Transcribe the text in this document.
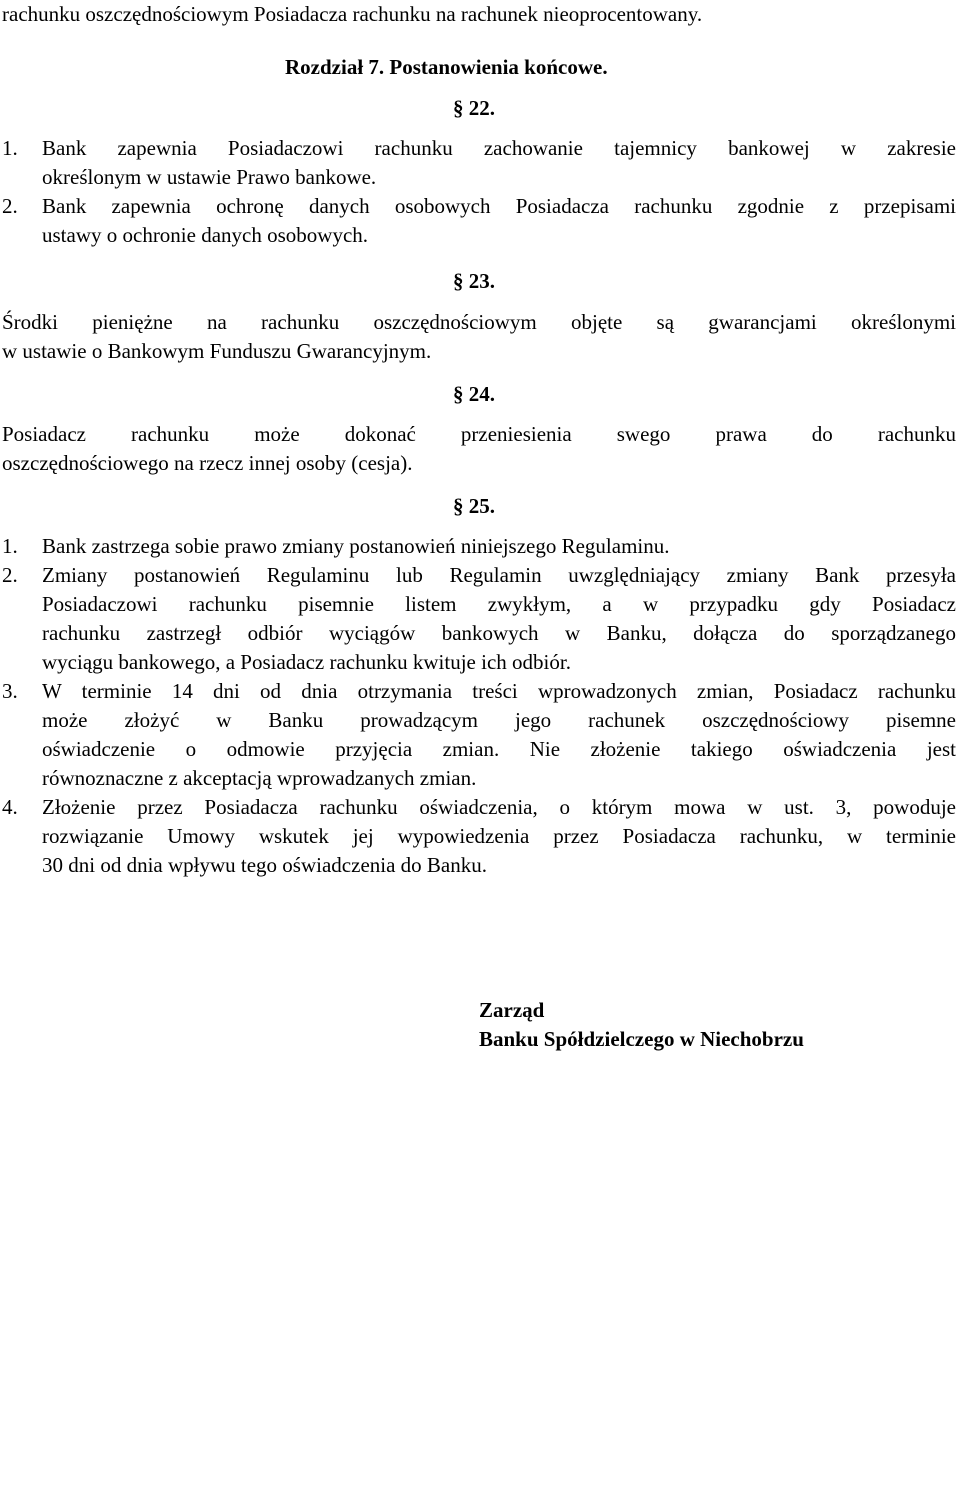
rachunku oszczędnościowym Posiadacza rachunku na rachunek nieoprocentowany.
Rozdział 7. Postanowienia końcowe.
§ 22.
1. Bank zapewnia Posiadaczowi rachunku zachowanie tajemnicy bankowej w zakresie
określonym w ustawie Prawo bankowe.
2. Bank zapewnia ochronę danych osobowych Posiadacza rachunku zgodnie z przepisami
ustawy o ochronie danych osobowych.
§ 23.
Środki pieniężne na rachunku oszczędnościowym objęte są gwarancjami określonymi
w ustawie o Bankowym Funduszu Gwarancyjnym.
§ 24.
Posiadacz rachunku może dokonać przeniesienia swego prawa do rachunku
oszczędnościowego na rzecz innej osoby (cesja).
§ 25.
1. Bank zastrzega sobie prawo zmiany postanowień niniejszego Regulaminu.
2. Zmiany postanowień Regulaminu lub Regulamin uwzględniający zmiany Bank przesyła
Posiadaczowi rachunku pisemnie listem zwykłym, a w przypadku gdy Posiadacz
rachunku zastrzegł odbiór wyciągów bankowych w Banku, dołącza do sporządzanego
wyciągu bankowego, a Posiadacz rachunku kwituje ich odbiór.
3. W terminie 14 dni od dnia otrzymania treści wprowadzonych zmian, Posiadacz rachunku
może złożyć w Banku prowadzącym jego rachunek oszczędnościowy pisemne
oświadczenie o odmowie przyjęcia zmian. Nie złożenie takiego oświadczenia jest
równoznaczne z akceptacją wprowadzanych zmian.
4. Złożenie przez Posiadacza rachunku oświadczenia, o którym mowa w ust. 3, powoduje
rozwiązanie Umowy wskutek jej wypowiedzenia przez Posiadacza rachunku, w terminie
30 dni od dnia wpływu tego oświadczenia do Banku.
Zarząd
Banku Spółdzielczego w Niechobrzu
